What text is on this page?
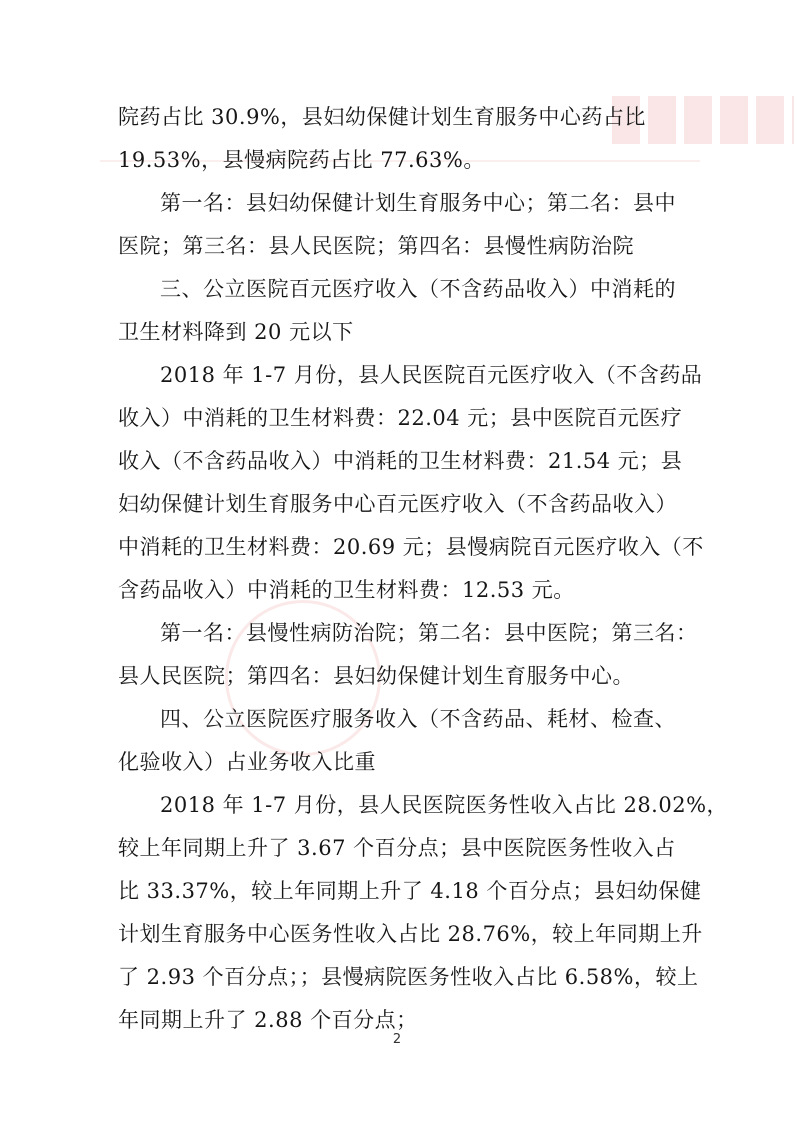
院药占比 30.9%，县妇幼保健计划生育服务中心药占比
19.53%，县慢病院药占比 77.63%。
第一名：县妇幼保健计划生育服务中心；第二名：县中
医院；第三名：县人民医院；第四名：县慢性病防治院
三、公立医院百元医疗收入（不含药品收入）中消耗的
卫生材料降到 20 元以下
2018 年 1-7 月份，县人民医院百元医疗收入（不含药品
收入）中消耗的卫生材料费：22.04 元；县中医院百元医疗
收入（不含药品收入）中消耗的卫生材料费：21.54 元；县
妇幼保健计划生育服务中心百元医疗收入（不含药品收入）
中消耗的卫生材料费：20.69 元；县慢病院百元医疗收入（不
含药品收入）中消耗的卫生材料费：12.53 元。
第一名：县慢性病防治院；第二名：县中医院；第三名：
县人民医院；第四名：县妇幼保健计划生育服务中心。
四、公立医院医疗服务收入（不含药品、耗材、检查、
化验收入）占业务收入比重
2018 年 1-7 月份，县人民医院医务性收入占比 28.02%，
较上年同期上升了 3.67 个百分点；县中医院医务性收入占
比 33.37%，较上年同期上升了 4.18 个百分点；县妇幼保健
计划生育服务中心医务性收入占比 28.76%，较上年同期上升
了 2.93 个百分点；；县慢病院医务性收入占比 6.58%，较上
年同期上升了 2.88 个百分点；
2
